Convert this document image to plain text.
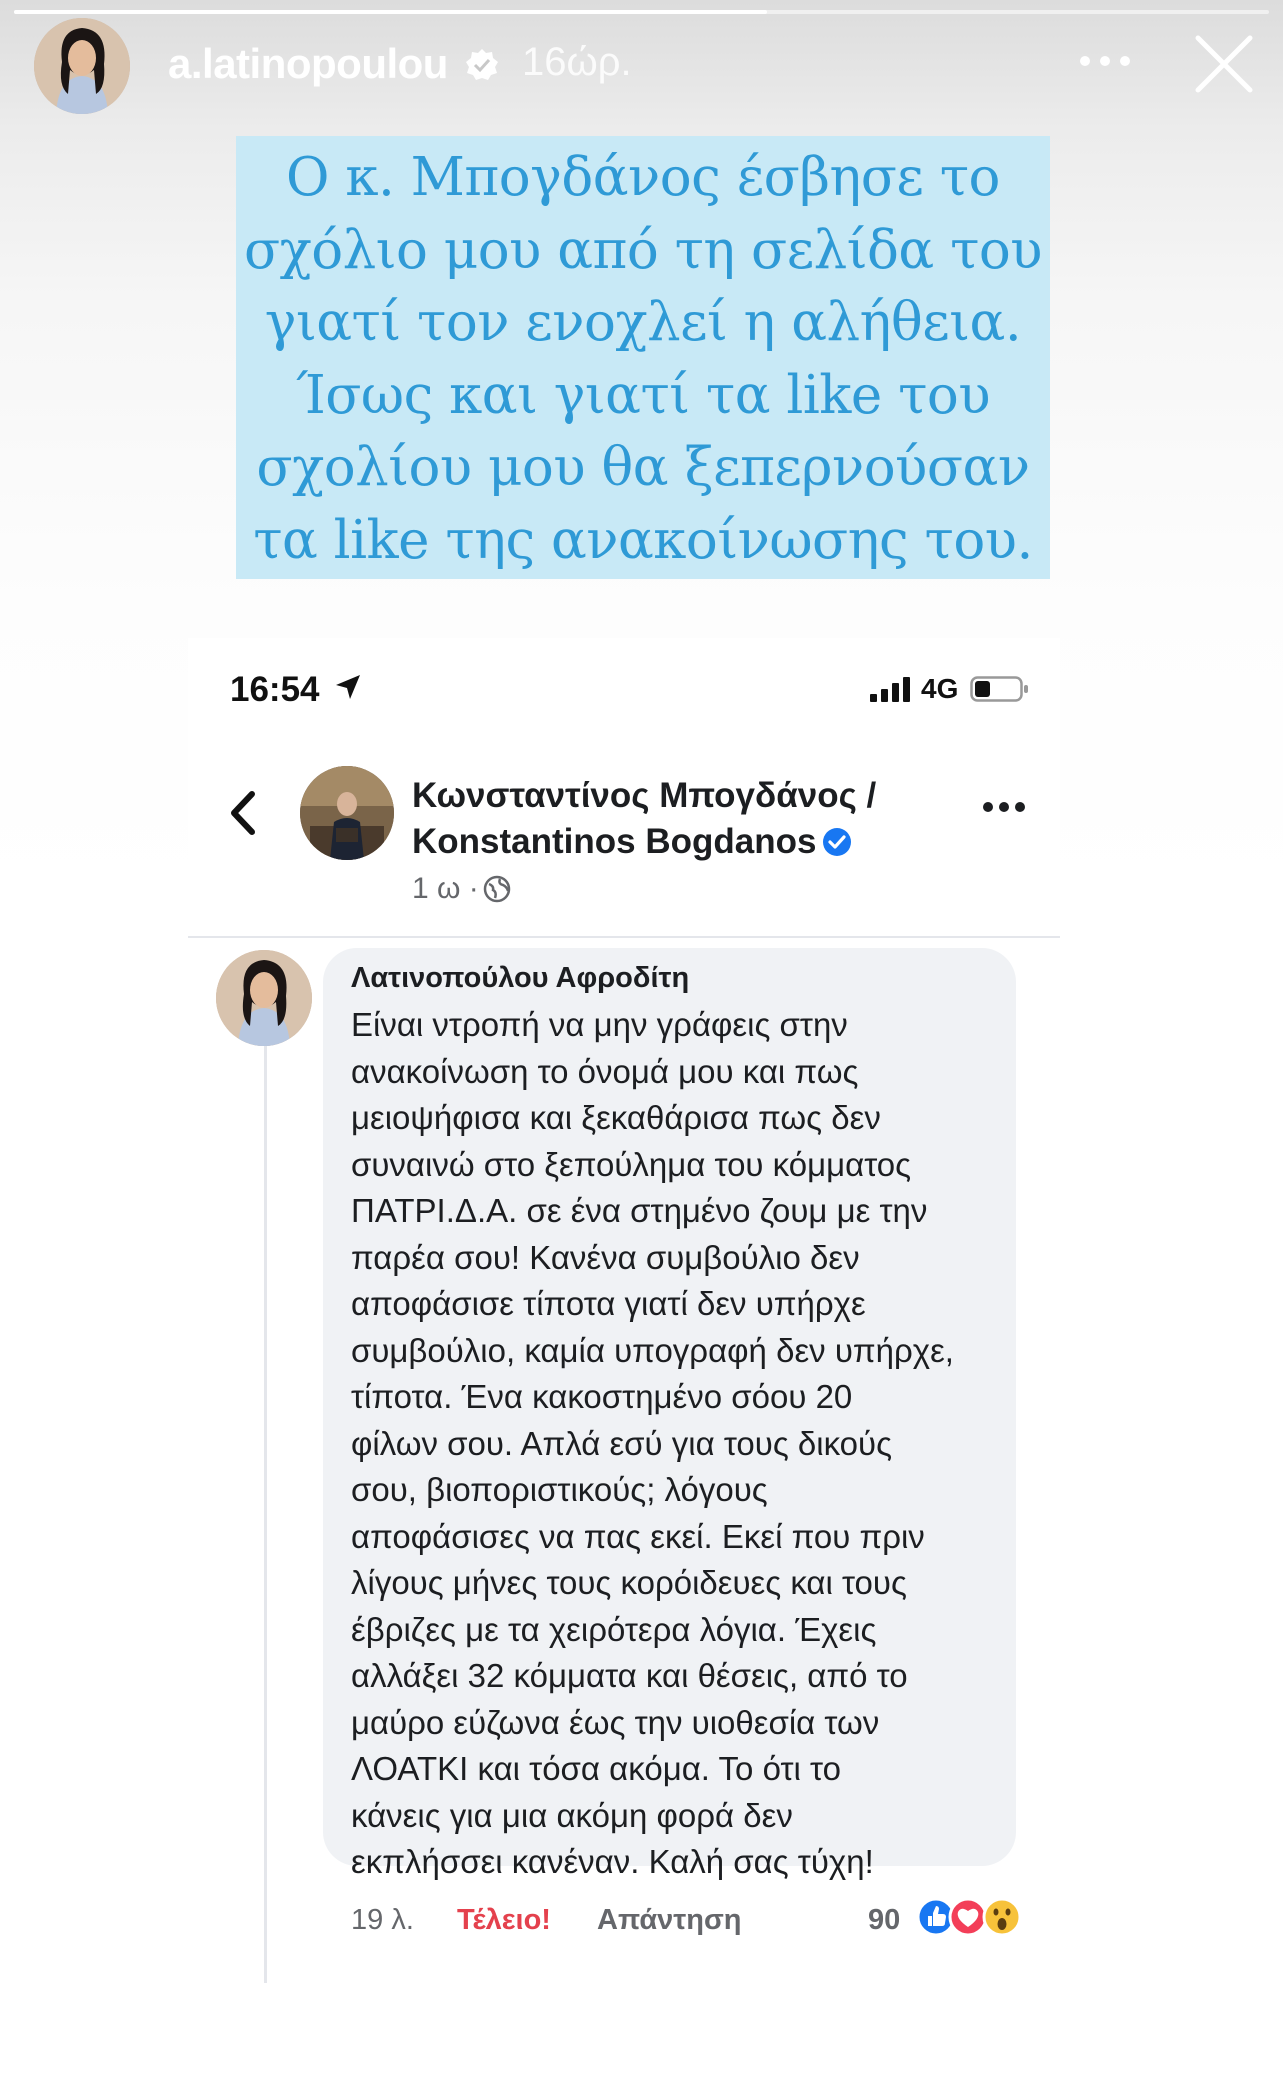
a.latinopoulou 16ώρ.

Ο κ. Μπογδάνος έσβησε το
σχόλιο μου από τη σελίδα του
γιατί τον ενοχλεί η αλήθεια.
Ίσως και γιατί τα like του
σχολίου μου θα ξεπερνούσαν
τα like της ανακοίνωσης του.

16:54	4G
Κωνσταντίνος Μπογδάνος /
Konstantinos Bogdanos
1 ω ·
Λατινοπούλου Αφροδίτη

Είναι ντροπή να μην γράφεις στην
ανακοίνωση το όνομά μου και πως
μειοψήφισα και ξεκαθάρισα πως δεν
συναινώ στο ξεπούλημα του κόμματος
ΠΑΤΡΙ.Δ.Α. σε ένα στημένο ζουμ με την
παρέα σου! Κανένα συμβούλιο δεν
αποφάσισε τίποτα γιατί δεν υπήρχε
συμβούλιο, καμία υπογραφή δεν υπήρχε,
τίποτα. Ένα κακοστημένο σόου 20
φίλων σου. Απλά εσύ για τους δικούς
σου, βιοποριστικούς; λόγους
αποφάσισες να πας εκεί. Εκεί που πριν
λίγους μήνες τους κορόιδευες και τους
έβριζες με τα χειρότερα λόγια. Έχεις
αλλάξει 32 κόμματα και θέσεις, από το
μαύρο εύζωνα έως την υιοθεσία των
ΛΟΑΤΚΙ και τόσα ακόμα. Το ότι το
κάνεις για μια ακόμη φορά δεν
εκπλήσσει κανέναν. Καλή σας τύχη!

19 λ. Τέλειο! Απάντηση	90
